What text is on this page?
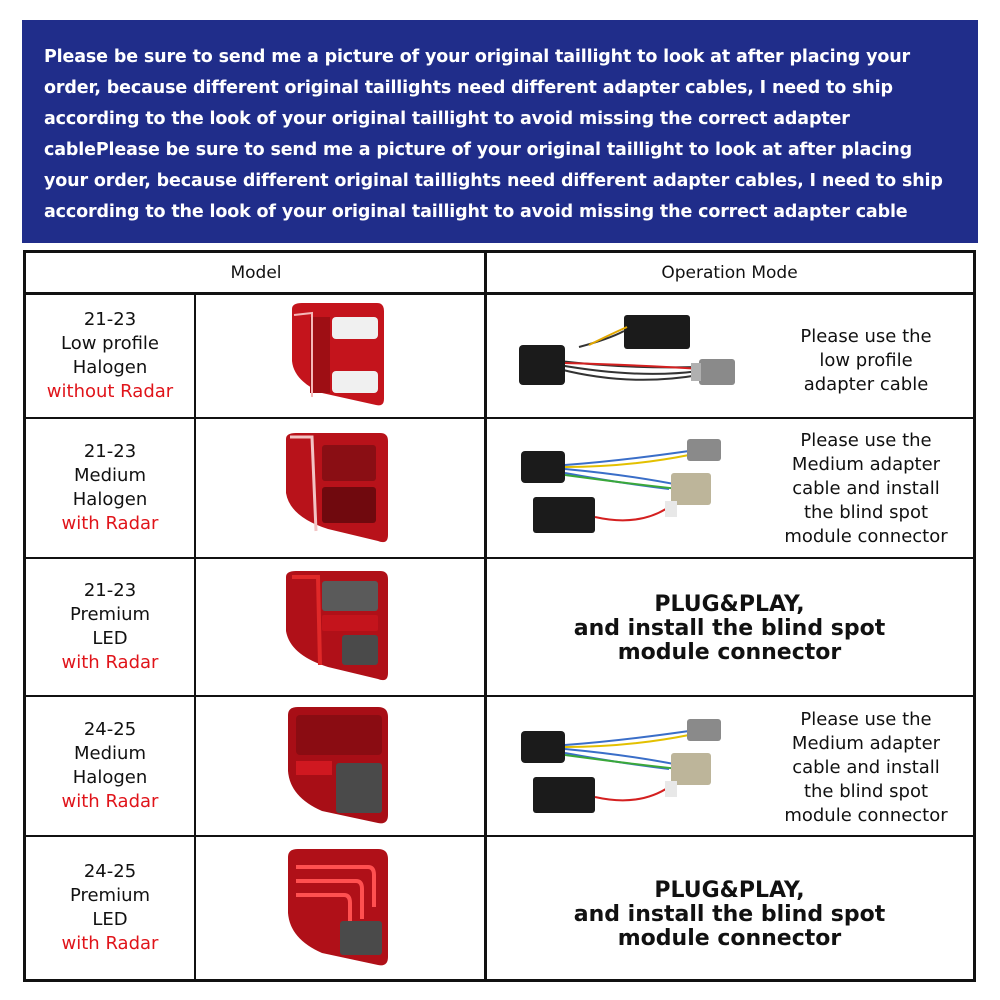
Please be sure to send me a picture of your original taillight to look at after placing your order, because different original taillights need different adapter cables, I need to ship according to the look of your original taillight to avoid missing the correct adapter cablePlease be sure to send me a picture of your original taillight to look at after placing your order, because different original taillights need different adapter cables, I need to ship according to the look of your original taillight to avoid missing the correct adapter cable

Model	Operation Mode
21-23
Low profile
Halogen
without Radar
Please use the
low profile
adapter cable
21-23
Medium
Halogen
with Radar
Please use the
Medium adapter
cable and install
the blind spot
module connector
21-23
Premium
LED
with Radar
PLUG&PLAY,
and install the blind spot
module connector
24-25
Medium
Halogen
with Radar
Please use the
Medium adapter
cable and install
the blind spot
module connector
24-25
Premium
LED
with Radar
PLUG&PLAY,
and install the blind spot
module connector
